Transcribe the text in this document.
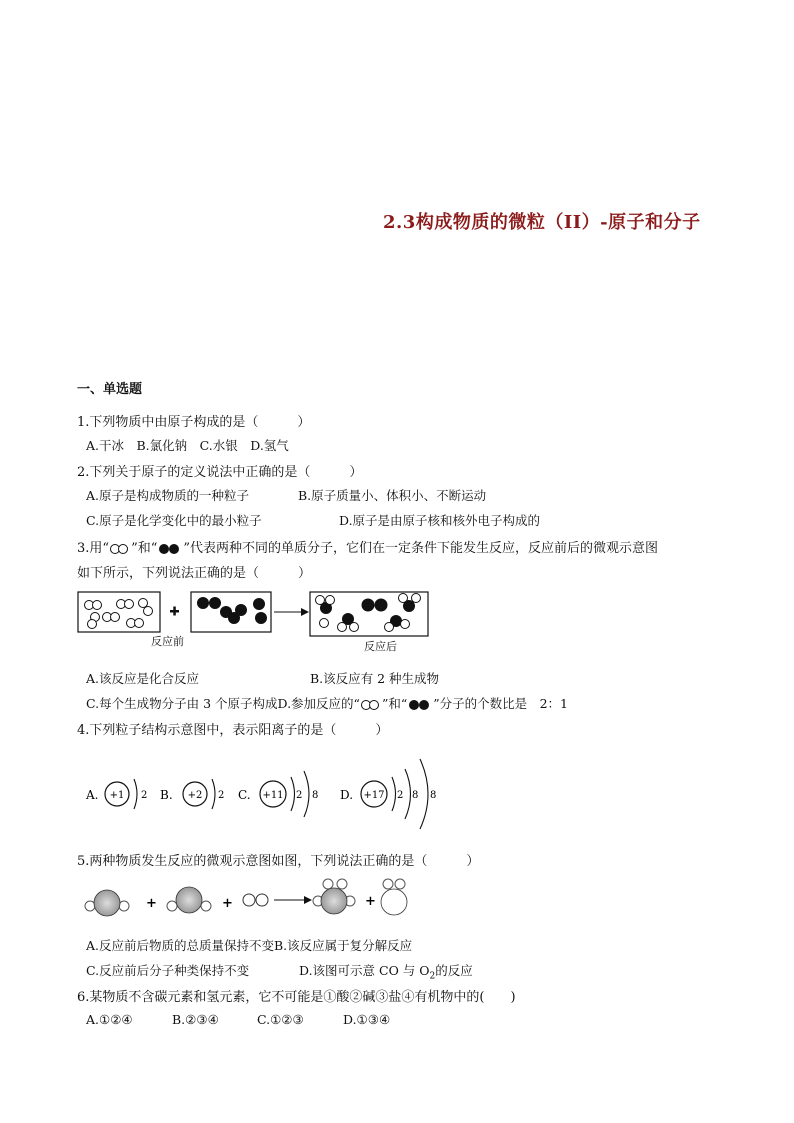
2.3构成物质的微粒（II）-原子和分子
一、单选题
1.下列物质中由原子构成的是（　　　）
A.干冰　B.氯化钠　C.水银　D.氢气
2.下列关于原子的定义说法中正确的是（　　　）
A.原子是构成物质的一种粒子	B.原子质量小、体积小、不断运动
C.原子是化学变化中的最小粒子	D.原子是由原子核和核外电子构成的
3.用“ ”和“ ”代表两种不同的单质分子，它们在一定条件下能发生反应，反应前后的微观示意图
如下所示，下列说法正确的是（　　　）
反应前	反应后
A.该反应是化合反应	B.该反应有 2 种生成物
C.每个生成物分子由 3 个原子构成D.参加反应的“ ”和“ ”分子的个数比是　2：1
4.下列粒子结构示意图中，表示阳离子的是（　　　）
A. +1 2 B. +2 2 C. +11 2 8 D. +17 2 8 8
5.两种物质发生反应的微观示意图如图，下列说法正确的是（　　　）
+	+	+
A.反应前后物质的总质量保持不变B.该反应属于复分解反应
C.反应前后分子种类保持不变	D.该图可示意 CO 与 $O_2$的反应
6.某物质不含碳元素和氢元素，它不可能是①酸②碱③盐④有机物中的(　　)
A.①②④	B.②③④	C.①②③	D.①③④
